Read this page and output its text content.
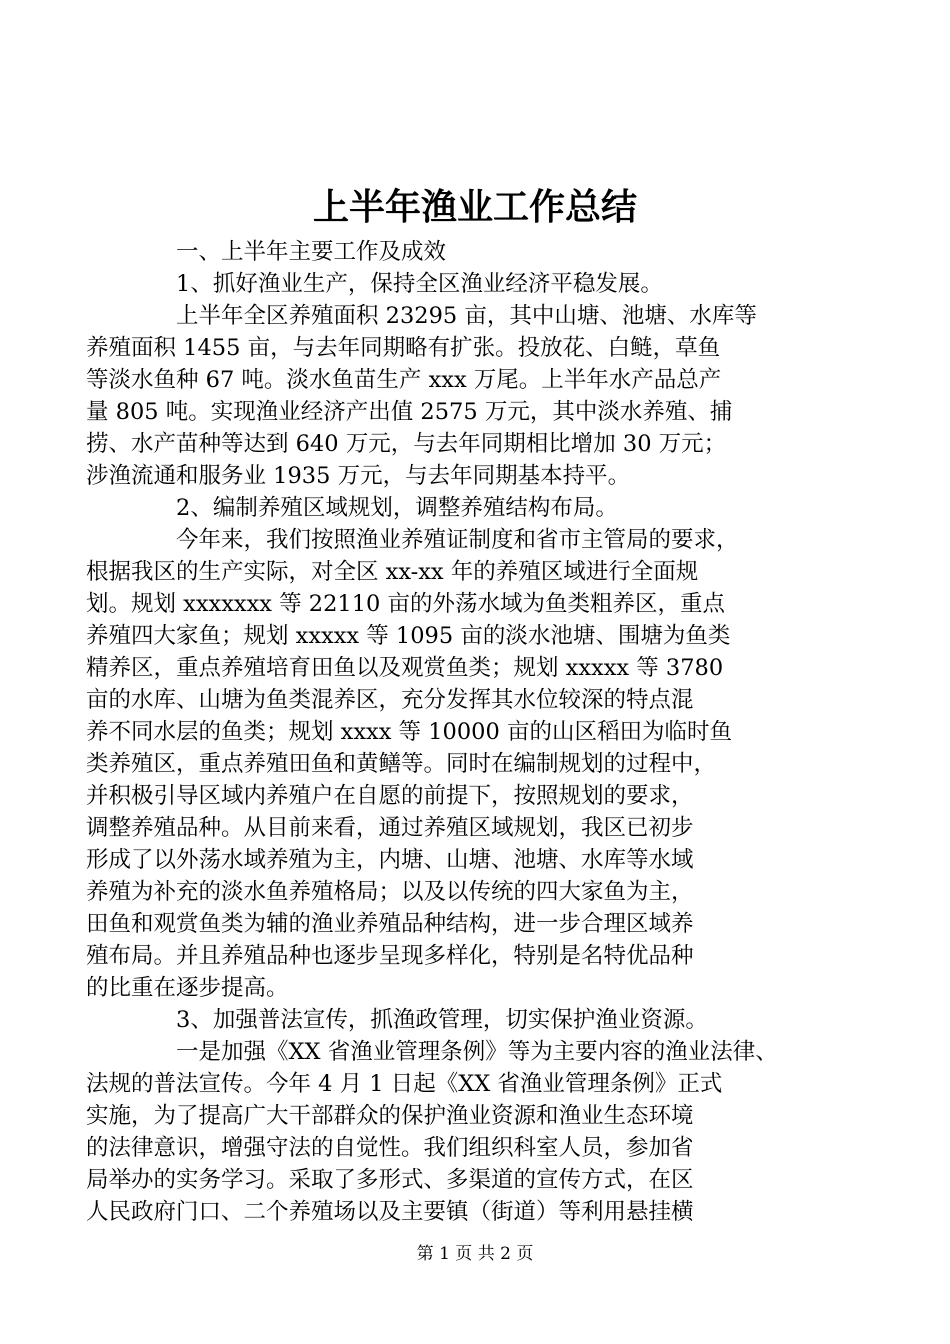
上半年渔业工作总结

一、上半年主要工作及成效

1、抓好渔业生产，保持全区渔业经济平稳发展。

上半年全区养殖面积 23295 亩，其中山塘、池塘、水库等
养殖面积 1455 亩，与去年同期略有扩张。投放花、白鲢，草鱼
等淡水鱼种 67 吨。淡水鱼苗生产 xxx 万尾。上半年水产品总产
量 805 吨。实现渔业经济产出值 2575 万元，其中淡水养殖、捕
捞、水产苗种等达到 640 万元，与去年同期相比增加 30 万元；
涉渔流通和服务业 1935 万元，与去年同期基本持平。

2、编制养殖区域规划，调整养殖结构布局。

今年来，我们按照渔业养殖证制度和省市主管局的要求，
根据我区的生产实际，对全区 xx-xx 年的养殖区域进行全面规
划。规划 xxxxxxx 等 22110 亩的外荡水域为鱼类粗养区，重点
养殖四大家鱼；规划 xxxxx 等 1095 亩的淡水池塘、围塘为鱼类
精养区，重点养殖培育田鱼以及观赏鱼类；规划 xxxxx 等 3780
亩的水库、山塘为鱼类混养区，充分发挥其水位较深的特点混
养不同水层的鱼类；规划 xxxx 等 10000 亩的山区稻田为临时鱼
类养殖区，重点养殖田鱼和黄鳝等。同时在编制规划的过程中，
并积极引导区域内养殖户在自愿的前提下，按照规划的要求，
调整养殖品种。从目前来看，通过养殖区域规划，我区已初步
形成了以外荡水域养殖为主，内塘、山塘、池塘、水库等水域
养殖为补充的淡水鱼养殖格局；以及以传统的四大家鱼为主，
田鱼和观赏鱼类为辅的渔业养殖品种结构，进一步合理区域养
殖布局。并且养殖品种也逐步呈现多样化，特别是名特优品种
的比重在逐步提高。

3、加强普法宣传，抓渔政管理，切实保护渔业资源。

一是加强《XX 省渔业管理条例》等为主要内容的渔业法律、
法规的普法宣传。今年 4 月 1 日起《XX 省渔业管理条例》正式
实施，为了提高广大干部群众的保护渔业资源和渔业生态环境
的法律意识，增强守法的自觉性。我们组织科室人员，参加省
局举办的实务学习。采取了多形式、多渠道的宣传方式，在区
人民政府门口、二个养殖场以及主要镇（街道）等利用悬挂横

第 1 页 共 2 页
